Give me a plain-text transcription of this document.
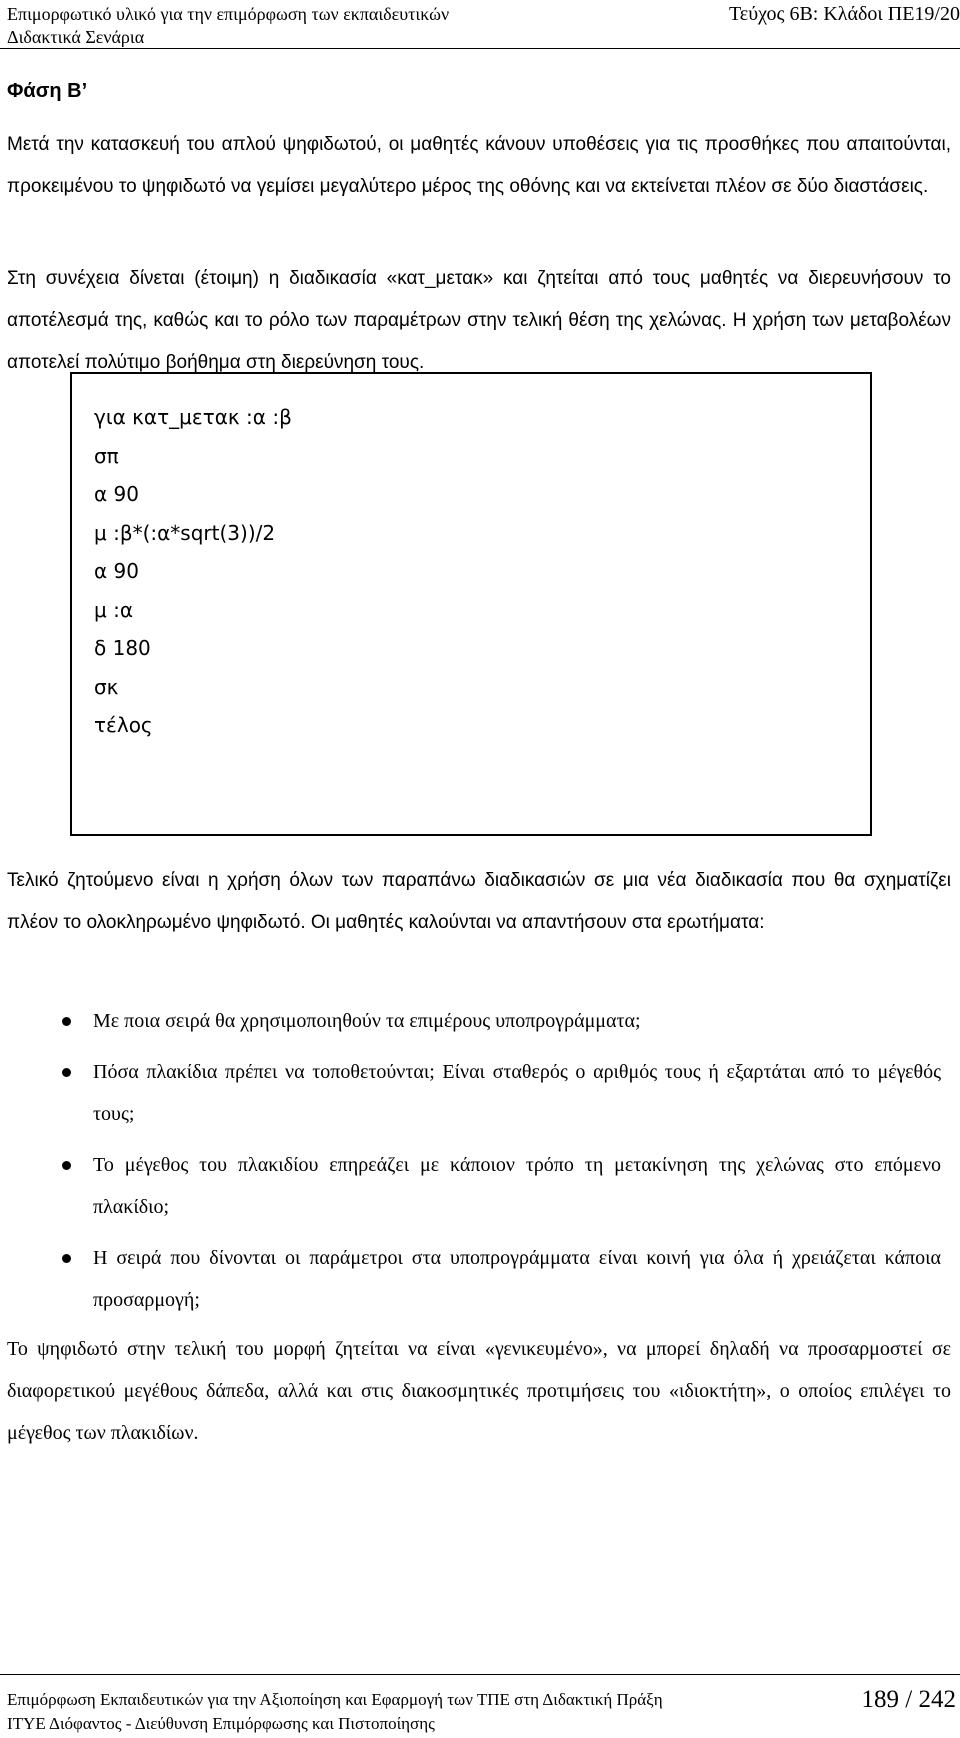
Επιμορφωτικό υλικό για την επιμόρφωση των εκπαιδευτικών
Διδακτικά Σενάρια
Τεύχος 6Β: Κλάδοι ΠΕ19/20
Φάση Β’

Μετά την κατασκευή του απλού ψηφιδωτού, οι μαθητές κάνουν υποθέσεις για τις προσθήκες που απαιτούνται, προκειμένου το ψηφιδωτό να γεμίσει μεγαλύτερο μέρος της οθόνης και να εκτείνεται πλέον σε δύο διαστάσεις.

Στη συνέχεια δίνεται (έτοιμη) η διαδικασία «κατ_μετακ» και ζητείται από τους μαθητές να διερευνήσουν το αποτέλεσμά της, καθώς και το ρόλο των παραμέτρων στην τελική θέση της χελώνας. Η χρήση των μεταβολέων αποτελεί πολύτιμο βοήθημα στη διερεύνηση τους.

για κατ_μετακ :α :β
σπ
α 90
μ :β*(:α*sqrt(3))/2
α 90
μ :α
δ 180
σκ
τέλος

Τελικό ζητούμενο είναι η χρήση όλων των παραπάνω διαδικασιών σε μια νέα διαδικασία που θα σχηματίζει πλέον το ολοκληρωμένο ψηφιδωτό. Οι μαθητές καλούνται να απαντήσουν στα ερωτήματα:

Με ποια σειρά θα χρησιμοποιηθούν τα επιμέρους υποπρογράμματα;
Πόσα πλακίδια πρέπει να τοποθετούνται; Είναι σταθερός ο αριθμός τους ή εξαρτάται από το μέγεθός τους;
Το μέγεθος του πλακιδίου επηρεάζει με κάποιον τρόπο τη μετακίνηση της χελώνας στο επόμενο πλακίδιο;
Η σειρά που δίνονται οι παράμετροι στα υποπρογράμματα είναι κοινή για όλα ή χρειάζεται κάποια προσαρμογή;

Το ψηφιδωτό στην τελική του μορφή ζητείται να είναι «γενικευμένο», να μπορεί δηλαδή να προσαρμοστεί σε διαφορετικού μεγέθους δάπεδα, αλλά και στις διακοσμητικές προτιμήσεις του «ιδιοκτήτη», ο οποίος επιλέγει το μέγεθος των πλακιδίων.

Επιμόρφωση Εκπαιδευτικών για την Αξιοποίηση και Εφαρμογή των ΤΠΕ στη Διδακτική Πράξη
ΙΤΥΕ Διόφαντος - Διεύθυνση Επιμόρφωσης και Πιστοποίησης
189 / 242
